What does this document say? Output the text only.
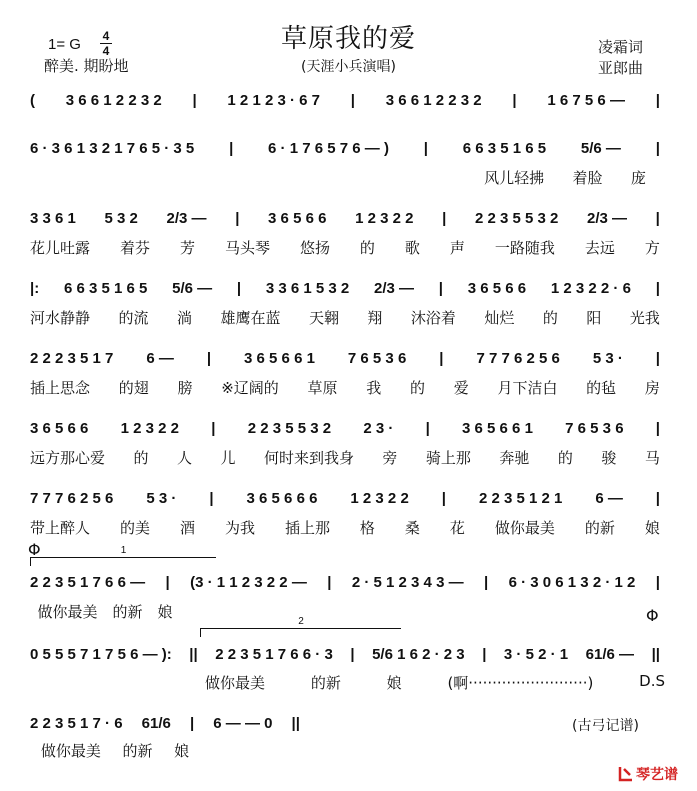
1= G 4
4
醉美. 期盼地
草原我的爱
(天涯小兵演唱)
凌霜词
亚郎曲
( 3 6 6 1 2 2 3 2 | 1 2 1 2 3 · 6 7 | 3 6 6 1 2 2 3 2 | 1 6 7 5 6 — |
6 · 3 6 1 3 2 1 7 6 5 · 3 5 | 6 · 1 7 6 5 7 6 — ) | 6 6 3 5 1 6 5 5/6 — |
风儿轻拂 着脸 庞
3 3 6 1 5 3 2 2/3 — | 3 6 5 6 6 1 2 3 2 2 | 2 2 3 5 5 3 2 2/3 — |
花儿吐露 着芬 芳 马头琴 悠扬 的 歌 声 一路随我 去远 方
|: 6 6 3 5 1 6 5 5/6 — | 3 3 6 1 5 3 2 2/3 — | 3 6 5 6 6 1 2 3 2 2 · 6 |
河水静静 的流 淌 雄鹰在蓝 天翱 翔 沐浴着 灿烂 的 阳 光我
2 2 2 3 5 1 7 6 — | 3 6 5 6 6 1 7 6 5 3 6 | 7 7 7 6 2 5 6 5 3 · |
插上思念 的翅 膀 ※辽阔的 草原 我 的 爱 月下洁白 的毡 房
3 6 5 6 6 1 2 3 2 2 | 2 2 3 5 5 3 2 2 3 · | 3 6 5 6 6 1 7 6 5 3 6 |
远方那心爱 的 人 儿 何时来到我身 旁 骑上那 奔驰 的 骏 马
7 7 7 6 2 5 6 5 3 · | 3 6 5 6 6 6 1 2 3 2 2 | 2 2 3 5 1 2 1 6 — |
带上醉人 的美 酒 为我 插上那 格 桑 花 做你最美 的新 娘
Φ	1
2 2 3 5 1 7 6 6 — | (3 · 1 1 2 3 2 2 — | 2 · 5 1 2 3 4 3 — | 6 · 3 0 6 1 3 2 · 1 2 |
做你最美 的新 娘	Φ
2
0 5 5 5 7 1 7 5 6 — ): || 2 2 3 5 1 7 6 6 · 3 | 5/6 1 6 2 · 2 3 | 3 · 5 2 · 1 61/6 — ||
做你最美	的新	娘	(啊·························)	D.S
2 2 3 5 1 7 · 6 61/6 | 6 — — 0 ||
做你最美 的新 娘
(古弓记谱)
琴艺谱
